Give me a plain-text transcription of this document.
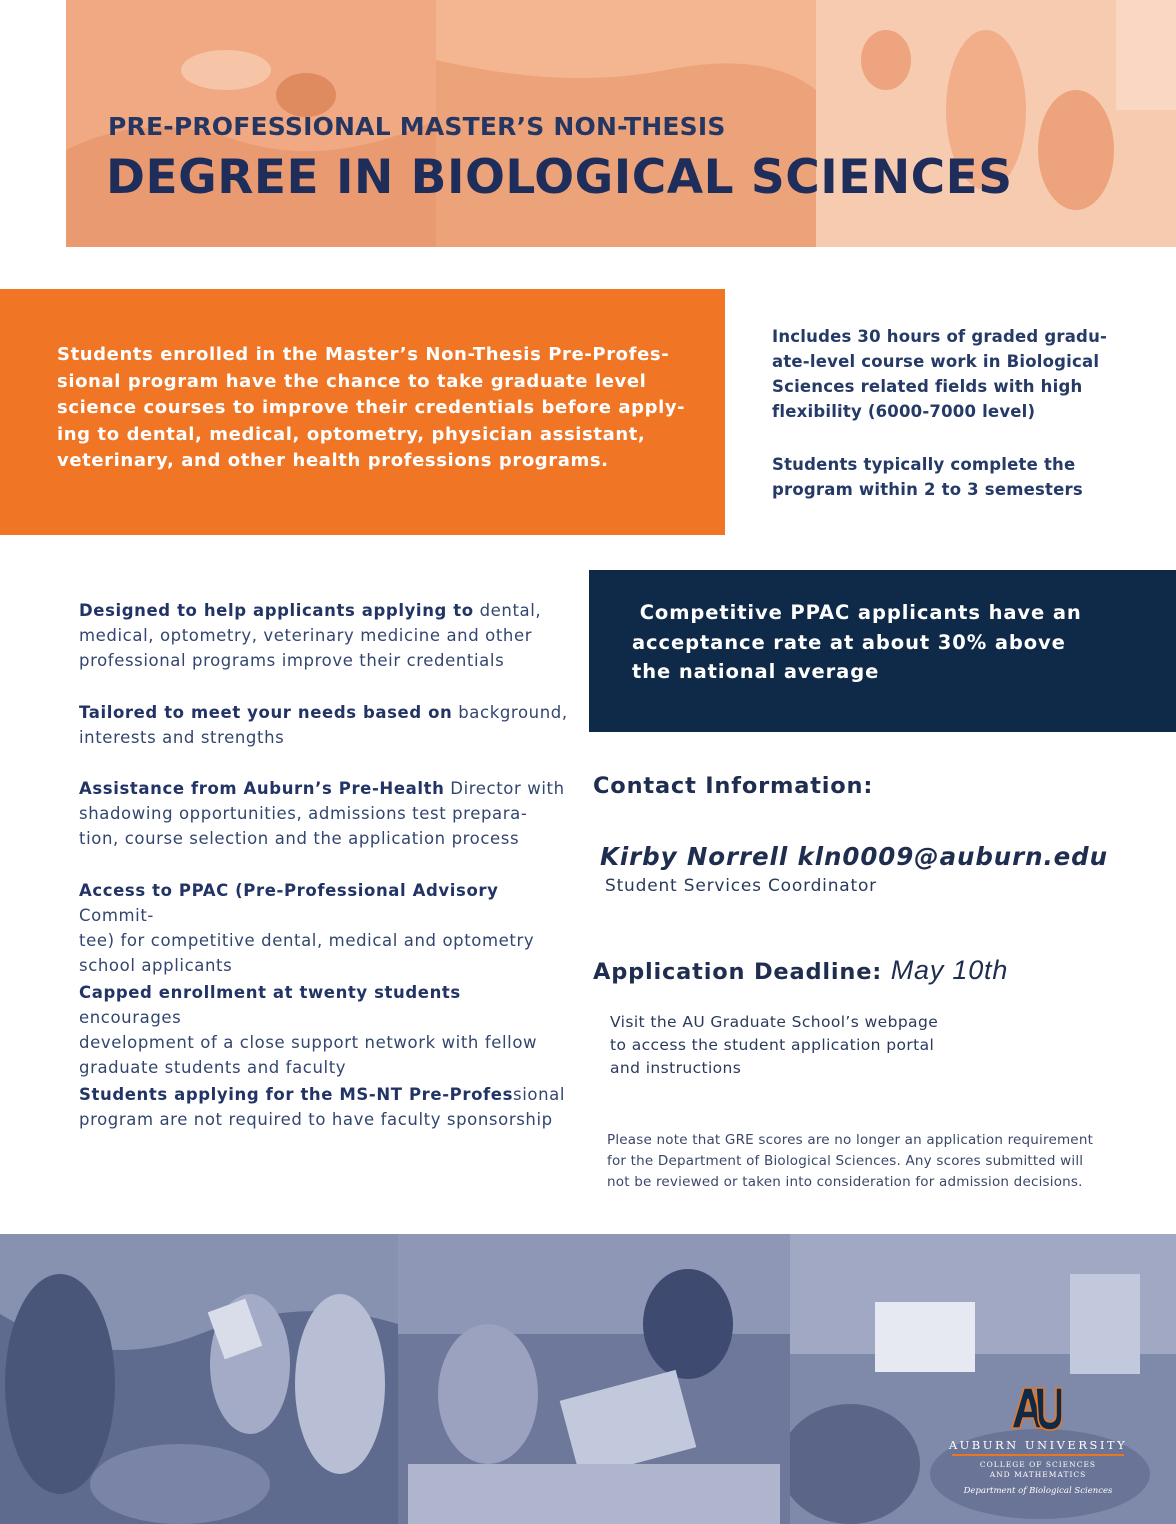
PRE-PROFESSIONAL MASTER’S NON-THESIS
DEGREE IN BIOLOGICAL SCIENCES
Students enrolled in the Master’s Non-Thesis Pre-Profes-
sional program have the chance to take graduate level
science courses to improve their credentials before apply-
ing to dental, medical, optometry, physician assistant,
veterinary, and other health professions programs.
Includes 30 hours of graded gradu-
ate-level course work in Biological
Sciences related fields with high
flexibility (6000-7000 level)
Students typically complete the
program within 2 to 3 semesters
Designed to help applicants applying to dental,
medical, optometry, veterinary medicine and other
professional programs improve their credentials
Tailored to meet your needs based on background,
interests and strengths
Assistance from Auburn’s Pre-Health Director with
shadowing opportunities, admissions test prepara-
tion, course selection and the application process
Access to PPAC (Pre-Professional Advisory Commit-
tee) for competitive dental, medical and optometry
school applicants
Capped enrollment at twenty students encourages
development of a close support network with fellow
graduate students and faculty
Students applying for the MS-NT Pre-Professional
program are not required to have faculty sponsorship
Competitive PPAC applicants have an
acceptance rate at about 30% above
the national average
Contact Information:
Kirby Norrell kln0009@auburn.edu
Student Services Coordinator
Application Deadline: May 10th
Visit the AU Graduate School’s webpage
to access the student application portal
and instructions
Please note that GRE scores are no longer an application requirement
for the Department of Biological Sciences. Any scores submitted will
not be reviewed or taken into consideration for admission decisions.
AUBURN UNIVERSITY
COLLEGE OF SCIENCES
AND MATHEMATICS
Department of Biological Sciences
